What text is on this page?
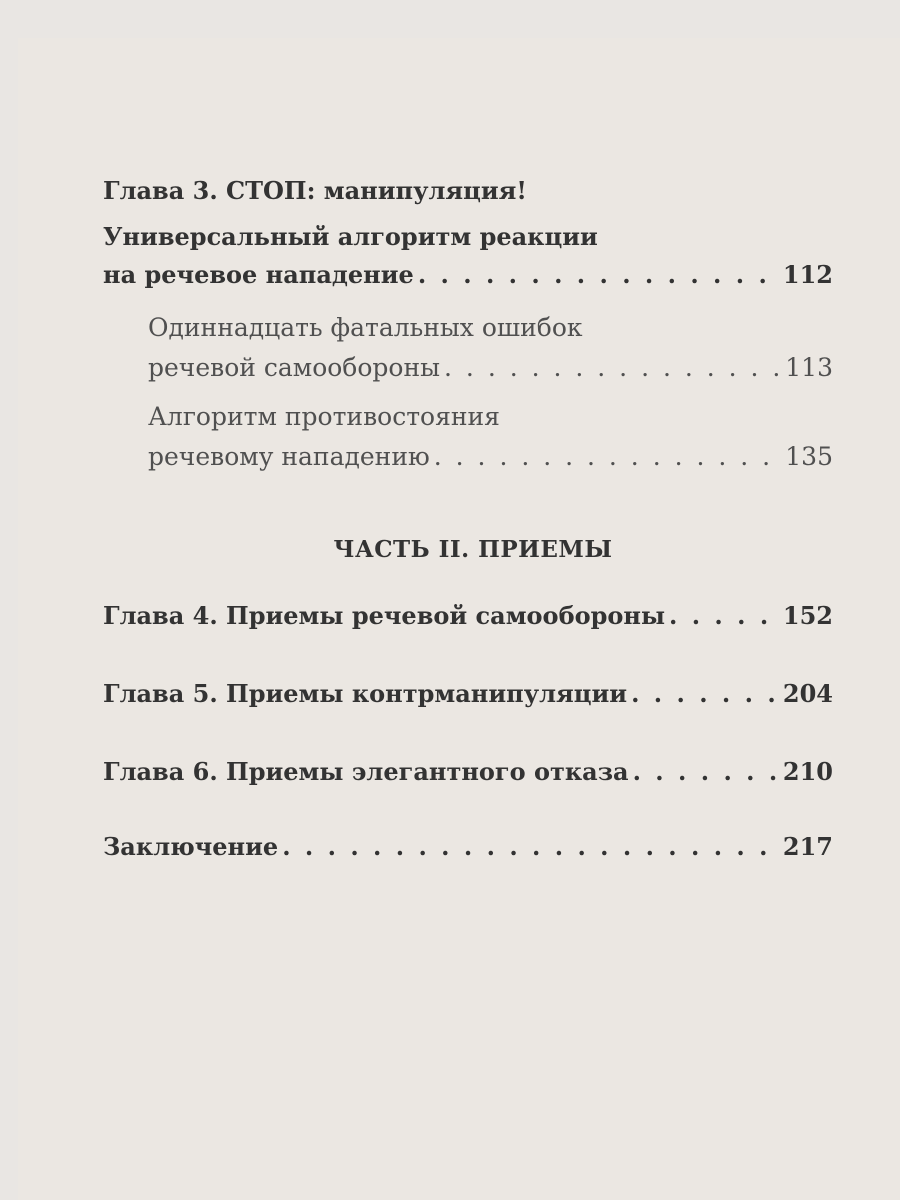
Глава 3. СТОП: манипуляция!
Универсальный алгоритм реакции
на речевое нападение . . .	112
Одиннадцать фатальных ошибок
речевой самообороны . . .	113
Алгоритм противостояния
речевому нападению . . .	135
ЧАСТЬ II. ПРИЕМЫ
Глава 4. Приемы речевой самообороны . . .	152
Глава 5. Приемы контрманипуляции . . .	204
Глава 6. Приемы элегантного отказа . . .	210
Заключение . . .	217
